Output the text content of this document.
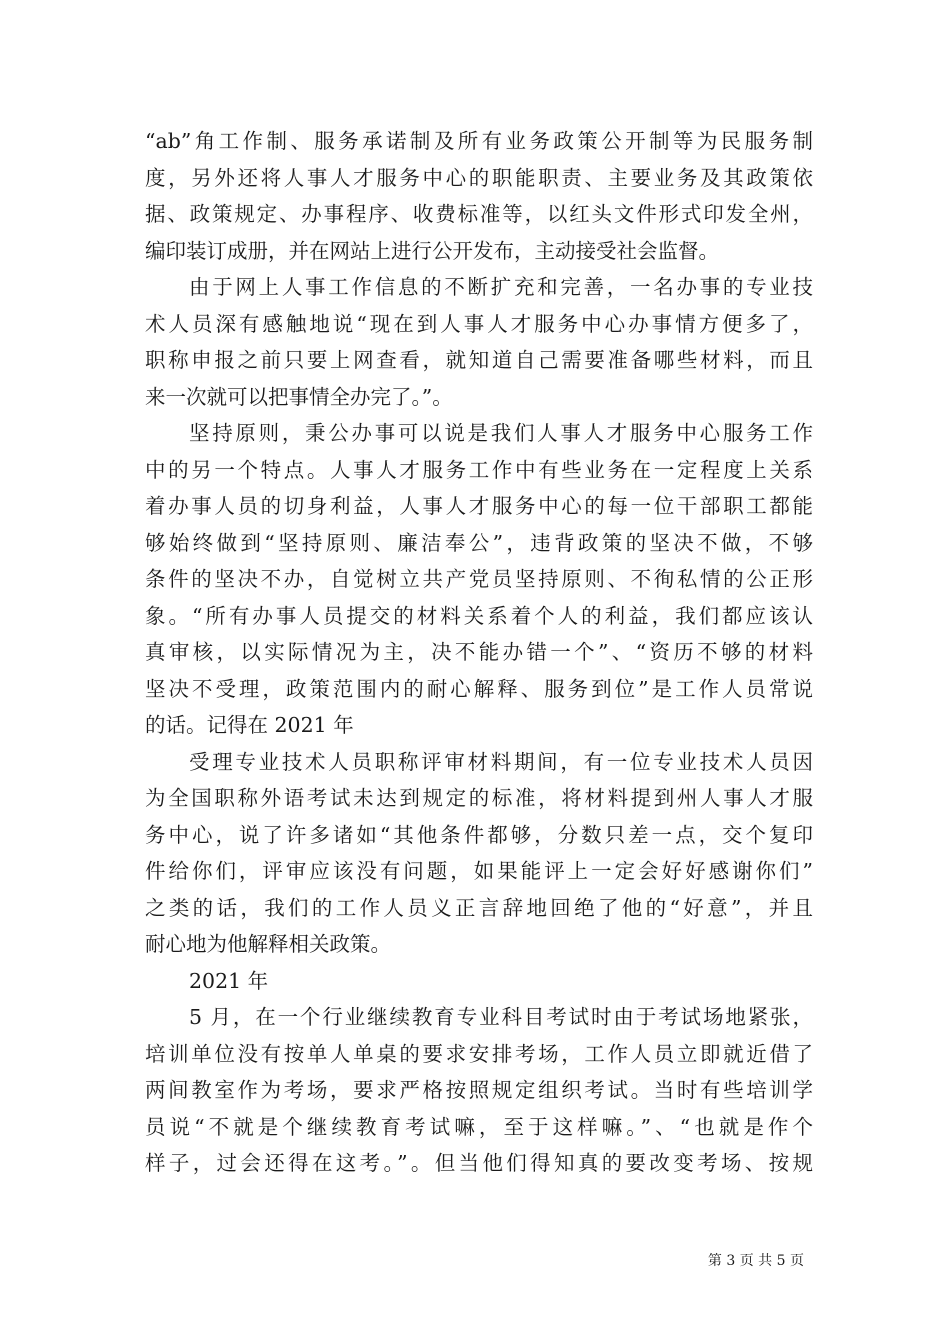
“ab”角工作制、服务承诺制及所有业务政策公开制等为民服务制
度，另外还将人事人才服务中心的职能职责、主要业务及其政策依
据、政策规定、办事程序、收费标准等，以红头文件形式印发全州，
编印装订成册，并在网站上进行公开发布，主动接受社会监督。
由于网上人事工作信息的不断扩充和完善，一名办事的专业技
术人员深有感触地说“现在到人事人才服务中心办事情方便多了，
职称申报之前只要上网查看，就知道自己需要准备哪些材料，而且
来一次就可以把事情全办完了。”。
坚持原则，秉公办事可以说是我们人事人才服务中心服务工作
中的另一个特点。人事人才服务工作中有些业务在一定程度上关系
着办事人员的切身利益，人事人才服务中心的每一位干部职工都能
够始终做到“坚持原则、廉洁奉公”，违背政策的坚决不做，不够
条件的坚决不办，自觉树立共产党员坚持原则、不徇私情的公正形
象。“所有办事人员提交的材料关系着个人的利益，我们都应该认
真审核，以实际情况为主，决不能办错一个”、“资历不够的材料
坚决不受理，政策范围内的耐心解释、服务到位”是工作人员常说
的话。记得在 2021 年
受理专业技术人员职称评审材料期间，有一位专业技术人员因
为全国职称外语考试未达到规定的标准，将材料提到州人事人才服
务中心，说了许多诸如“其他条件都够，分数只差一点，交个复印
件给你们，评审应该没有问题，如果能评上一定会好好感谢你们”
之类的话，我们的工作人员义正言辞地回绝了他的“好意”，并且
耐心地为他解释相关政策。
2021 年
5 月，在一个行业继续教育专业科目考试时由于考试场地紧张，
培训单位没有按单人单桌的要求安排考场，工作人员立即就近借了
两间教室作为考场，要求严格按照规定组织考试。当时有些培训学
员说“不就是个继续教育考试嘛，至于这样嘛。”、“也就是作个
样子，过会还得在这考。”。但当他们得知真的要改变考场、按规
第 3 页 共 5 页
